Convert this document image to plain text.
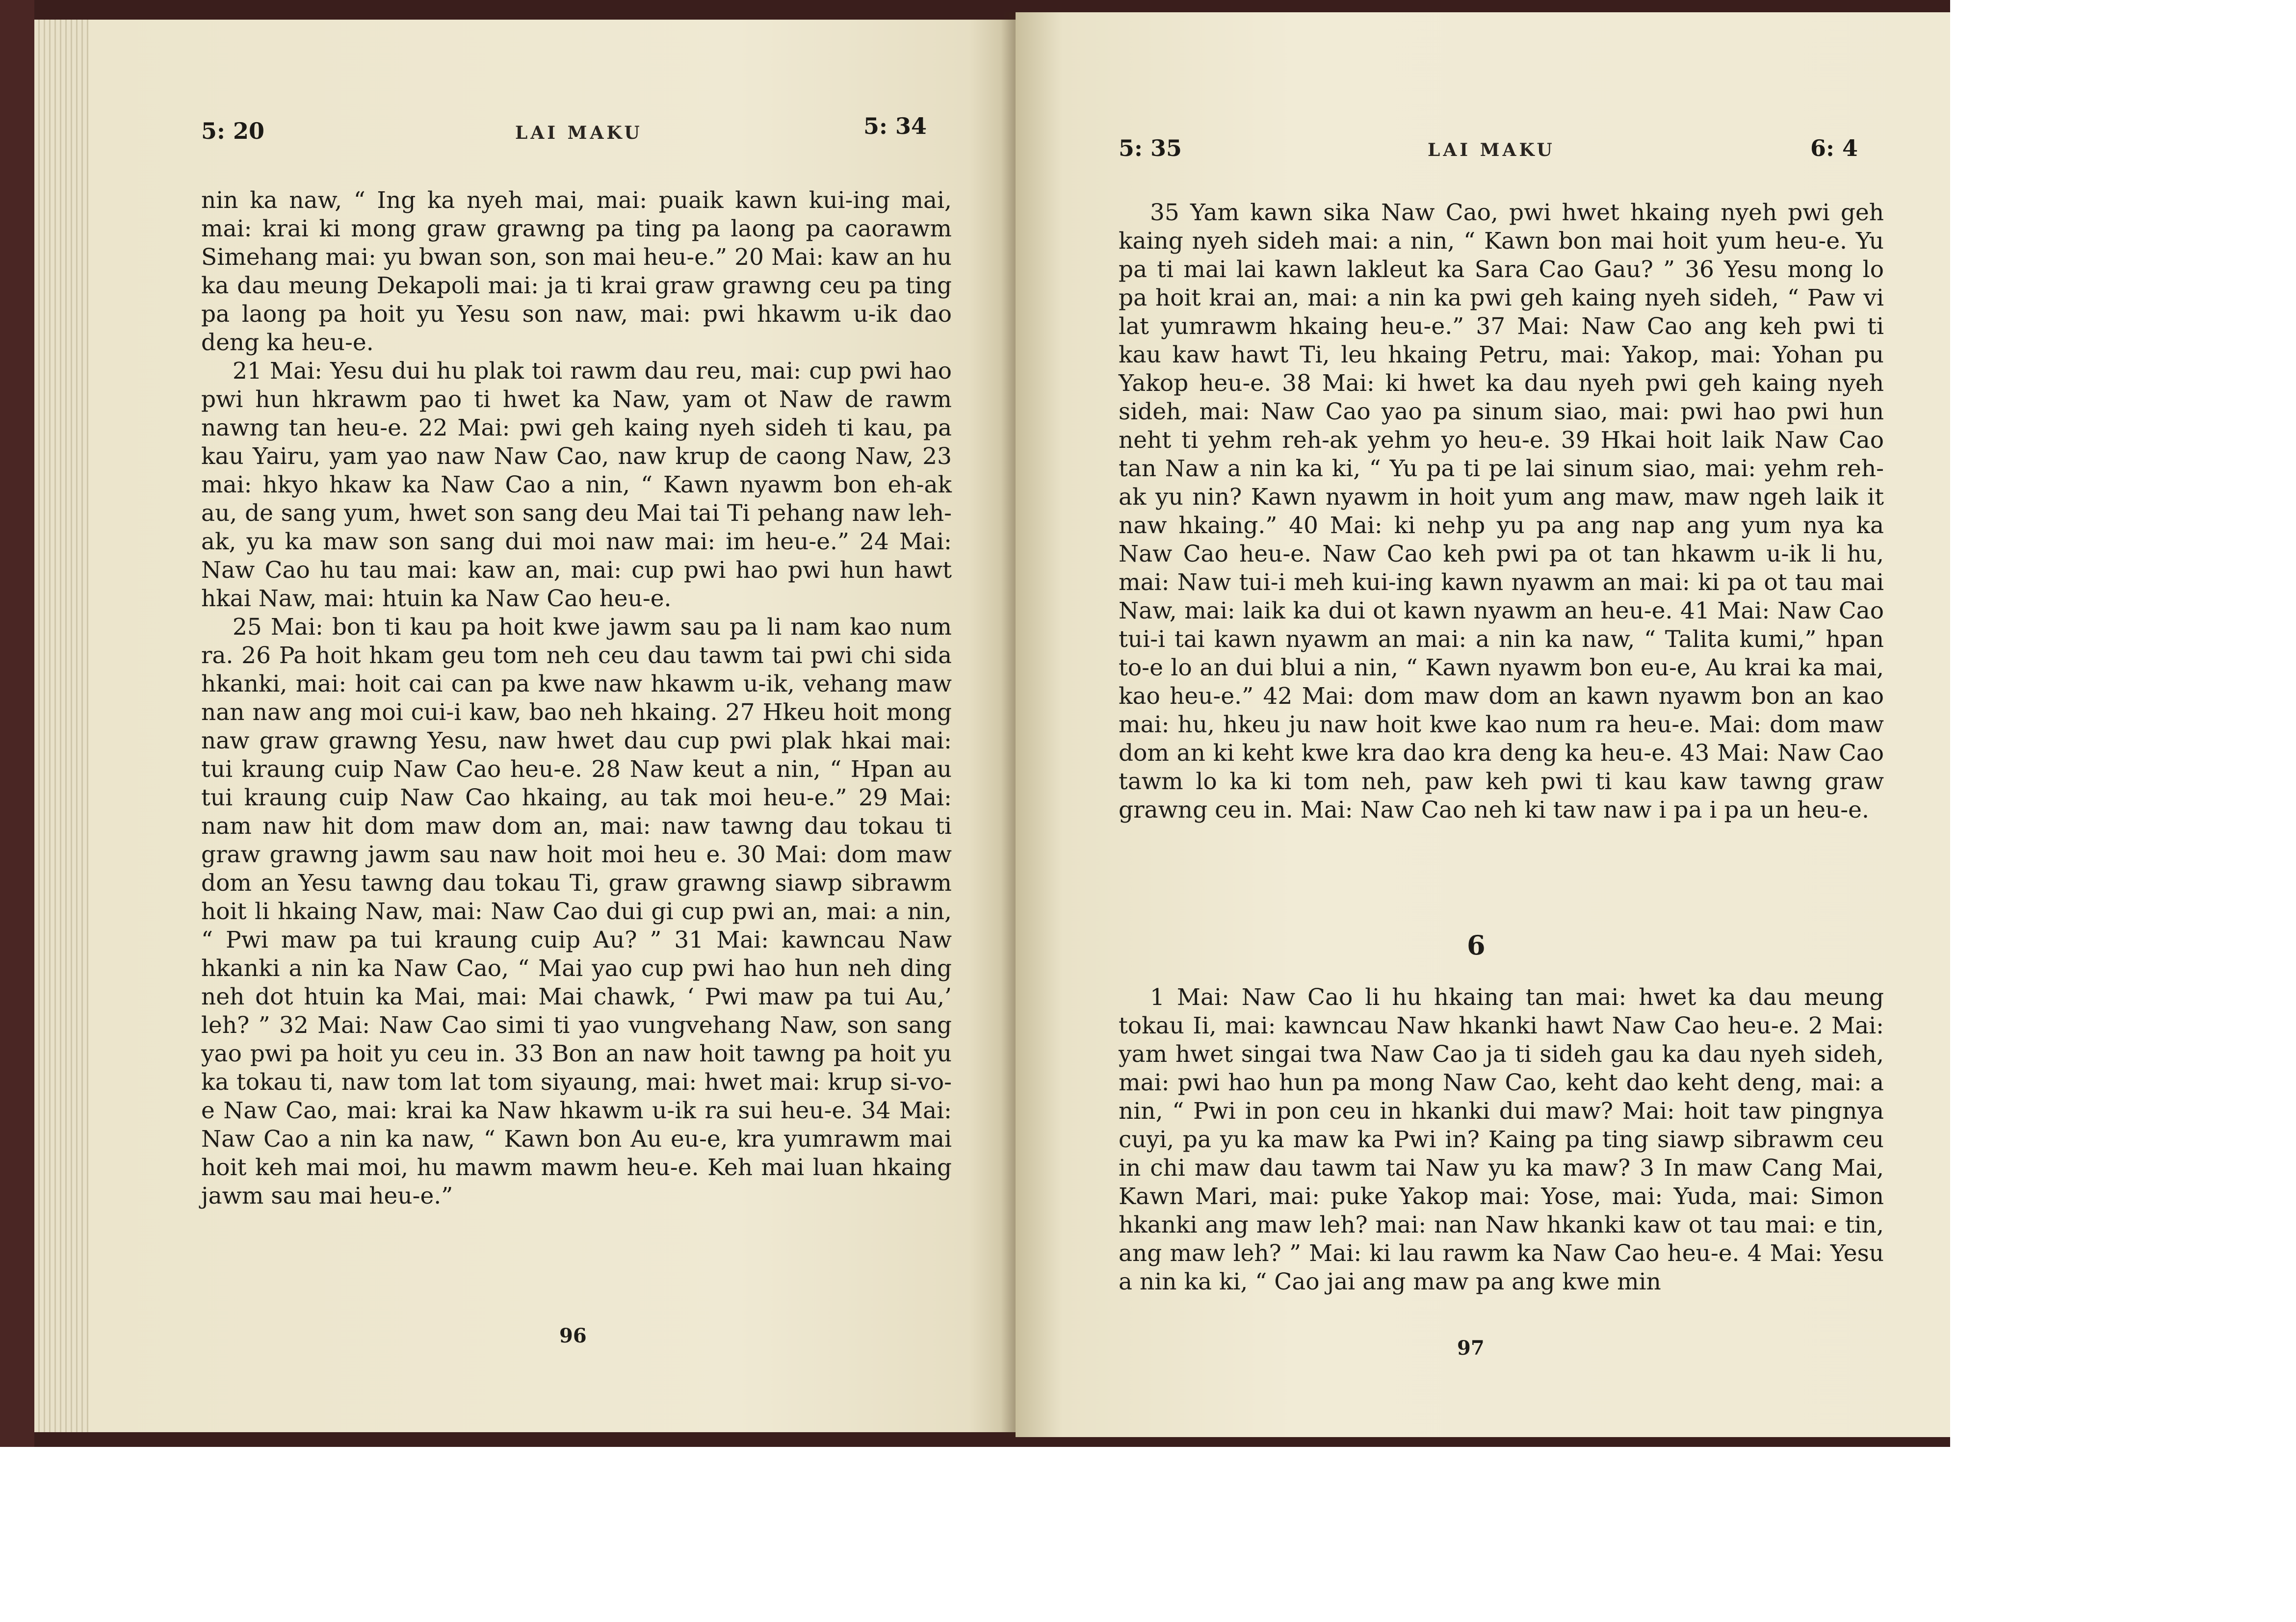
5: 20	LAI MAKU	5: 34

nin ka naw, “ Ing ka nyeh mai, mai: puaik kawn kui-ing mai, mai: krai ki mong graw grawng pa ting pa laong pa caorawm Simehang mai: yu bwan son, son mai heu-e.” 20 Mai: kaw an hu ka dau meung Dekapoli mai: ja ti krai graw grawng ceu pa ting pa laong pa hoit yu Yesu son naw, mai: pwi hkawm u-ik dao deng ka heu-e.

21 Mai: Yesu dui hu plak toi rawm dau reu, mai: cup pwi hao pwi hun hkrawm pao ti hwet ka Naw, yam ot Naw de rawm nawng tan heu-e. 22 Mai: pwi geh kaing nyeh sideh ti kau, pa kau Yairu, yam yao naw Naw Cao, naw krup de caong Naw, 23 mai: hkyo hkaw ka Naw Cao a nin, “ Kawn nyawm bon eh-ak au, de sang yum, hwet son sang deu Mai tai Ti pehang naw leh-ak, yu ka maw son sang dui moi naw mai: im heu-e.” 24 Mai: Naw Cao hu tau mai: kaw an, mai: cup pwi hao pwi hun hawt hkai Naw, mai: htuin ka Naw Cao heu-e.

25 Mai: bon ti kau pa hoit kwe jawm sau pa li nam kao num ra. 26 Pa hoit hkam geu tom neh ceu dau tawm tai pwi chi sida hkanki, mai: hoit cai can pa kwe naw hkawm u-ik, vehang maw nan naw ang moi cui-i kaw, bao neh hkaing. 27 Hkeu hoit mong naw graw grawng Yesu, naw hwet dau cup pwi plak hkai mai: tui kraung cuip Naw Cao heu-e. 28 Naw keut a nin, “ Hpan au tui kraung cuip Naw Cao hkaing, au tak moi heu-e.” 29 Mai: nam naw hit dom maw dom an, mai: naw tawng dau tokau ti graw grawng jawm sau naw hoit moi heu e. 30 Mai: dom maw dom an Yesu tawng dau tokau Ti, graw grawng siawp sibrawm hoit li hkaing Naw, mai: Naw Cao dui gi cup pwi an, mai: a nin, “ Pwi maw pa tui kraung cuip Au? ” 31 Mai: kawncau Naw hkanki a nin ka Naw Cao, “ Mai yao cup pwi hao hun neh ding neh dot htuin ka Mai, mai: Mai chawk, ‘ Pwi maw pa tui Au,’ leh? ” 32 Mai: Naw Cao simi ti yao vungvehang Naw, son sang yao pwi pa hoit yu ceu in. 33 Bon an naw hoit tawng pa hoit yu ka tokau ti, naw tom lat tom siyaung, mai: hwet mai: krup si-vo-e Naw Cao, mai: krai ka Naw hkawm u-ik ra sui heu-e. 34 Mai: Naw Cao a nin ka naw, “ Kawn bon Au eu-e, kra yumrawm mai hoit keh mai moi, hu mawm mawm heu-e. Keh mai luan hkaing jawm sau mai heu-e.”

96
5: 35	LAI MAKU	6: 4

35 Yam kawn sika Naw Cao, pwi hwet hkaing nyeh pwi geh kaing nyeh sideh mai: a nin, “ Kawn bon mai hoit yum heu-e. Yu pa ti mai lai kawn lakleut ka Sara Cao Gau? ” 36 Yesu mong lo pa hoit krai an, mai: a nin ka pwi geh kaing nyeh sideh, “ Paw vi lat yumrawm hkaing heu-e.” 37 Mai: Naw Cao ang keh pwi ti kau kaw hawt Ti, leu hkaing Petru, mai: Yakop, mai: Yohan pu Yakop heu-e. 38 Mai: ki hwet ka dau nyeh pwi geh kaing nyeh sideh, mai: Naw Cao yao pa sinum siao, mai: pwi hao pwi hun neht ti yehm reh-ak yehm yo heu-e. 39 Hkai hoit laik Naw Cao tan Naw a nin ka ki, “ Yu pa ti pe lai sinum siao, mai: yehm reh-ak yu nin? Kawn nyawm in hoit yum ang maw, maw ngeh laik it naw hkaing.” 40 Mai: ki nehp yu pa ang nap ang yum nya ka Naw Cao heu-e. Naw Cao keh pwi pa ot tan hkawm u-ik li hu, mai: Naw tui-i meh kui-ing kawn nyawm an mai: ki pa ot tau mai Naw, mai: laik ka dui ot kawn nyawm an heu-e. 41 Mai: Naw Cao tui-i tai kawn nyawm an mai: a nin ka naw, “ Talita kumi,” hpan to-e lo an dui blui a nin, “ Kawn nyawm bon eu-e, Au krai ka mai, kao heu-e.” 42 Mai: dom maw dom an kawn nyawm bon an kao mai: hu, hkeu ju naw hoit kwe kao num ra heu-e. Mai: dom maw dom an ki keht kwe kra dao kra deng ka heu-e. 43 Mai: Naw Cao tawm lo ka ki tom neh, paw keh pwi ti kau kaw tawng graw grawng ceu in. Mai: Naw Cao neh ki taw naw i pa i pa un heu-e.

6

1 Mai: Naw Cao li hu hkaing tan mai: hwet ka dau meung tokau Ii, mai: kawncau Naw hkanki hawt Naw Cao heu-e. 2 Mai: yam hwet singai twa Naw Cao ja ti sideh gau ka dau nyeh sideh, mai: pwi hao hun pa mong Naw Cao, keht dao keht deng, mai: a nin, “ Pwi in pon ceu in hkanki dui maw? Mai: hoit taw pingnya cuyi, pa yu ka maw ka Pwi in? Kaing pa ting siawp sibrawm ceu in chi maw dau tawm tai Naw yu ka maw? 3 In maw Cang Mai, Kawn Mari, mai: puke Yakop mai: Yose, mai: Yuda, mai: Simon hkanki ang maw leh? mai: nan Naw hkanki kaw ot tau mai: e tin, ang maw leh? ” Mai: ki lau rawm ka Naw Cao heu-e. 4 Mai: Yesu a nin ka ki, “ Cao jai ang maw pa ang kwe min

97
